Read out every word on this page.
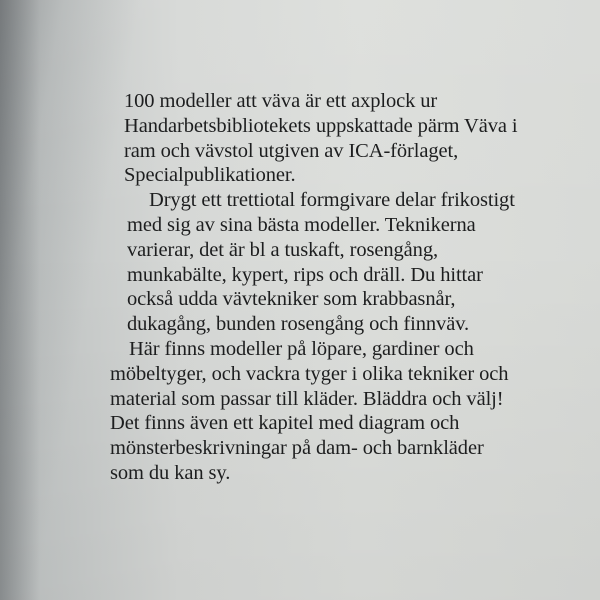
100 modeller att väva är ett axplock ur
Handarbetsbibliotekets uppskattade pärm Väva i
ram och vävstol utgiven av ICA-förlaget,
Specialpublikationer.

Drygt ett trettiotal formgivare delar frikostigt
med sig av sina bästa modeller. Teknikerna
varierar, det är bl a tuskaft, rosengång,
munkabälte, kypert, rips och dräll. Du hittar
också udda vävtekniker som krabbasnår,
dukagång, bunden rosengång och finnväv.

Här finns modeller på löpare, gardiner och
möbeltyger, och vackra tyger i olika tekniker och
material som passar till kläder. Bläddra och välj!
Det finns även ett kapitel med diagram och
mönsterbeskrivningar på dam- och barnkläder
som du kan sy.
